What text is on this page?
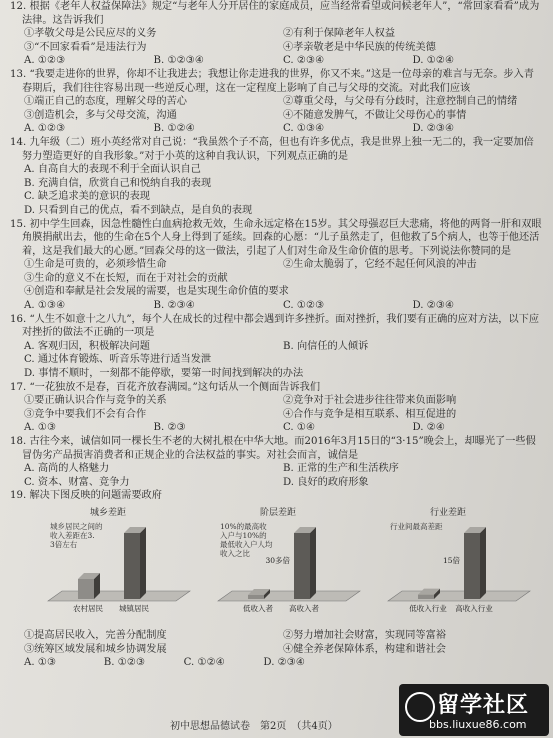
12. 根据《老年人权益保障法》规定“与老年人分开居住的家庭成员，应当经常看望或问候老年人”，“常回家看看”成为法律。这告诉我们
①孝敬父母是公民应尽的义务	②有利于保障老年人权益
③“不回家看看”是违法行为	④孝亲敬老是中华民族的传统美德
A. ①②③	B. ①②③④	C. ②③④	D. ①②④
13. “我要走进你的世界，你却不让我进去；我想让你走进我的世界，你又不来。”这是一位母亲的难言与无奈。步入青春期后，我们往往容易出现一些逆反心理，这在一定程度上影响了自己与父母的交流。对此我们应该
①端正自己的态度，理解父母的苦心	②尊重父母，与父母有分歧时，注意控制自己的情绪
③创造机会，多与父母交流，沟通	④不随意发脾气，不做让父母伤心的事情
A. ①②③	B. ①②④	C. ①③④	D. ②③④
14. 九年级（二）班小英经常对自己说：“我虽然个子不高，但也有许多优点，我是世界上独一无二的，我一定要加倍努力塑造更好的自我形象。”对于小英的这种自我认识，下列观点正确的是
A. 自高自大的表现不利于全面认识自己
B. 充满自信，欣赏自己和悦纳自我的表现
C. 缺乏追求美的意识的表现
D. 只看到自己的优点，看不到缺点，是自负的表现
15. 初中学生回森，因急性髓性白血病抢救无效，生命永远定格在15岁。其父母强忍巨大悲痛，将他的两肾一肝和双眼角膜捐献出去，他的生命在5个人身上得到了延续。回森的心愿：“儿子虽然走了，但他救了5个病人，也等于他还活着，这是我们最大的心愿。”回森父母的这一做法，引起了人们对生命及生命价值的思考。下列说法你赞同的是
①生命是可贵的，必须珍惜生命	②生命太脆弱了，它经不起任何风浪的冲击
③生命的意义不在长短，而在于对社会的贡献
④创造和奉献是社会发展的需要，也是实现生命价值的要求
A. ①③④	B. ②③④	C. ①②③	D. ②③④
16. “人生不如意十之八九”，每个人在成长的过程中都会遇到许多挫折。面对挫折，我们要有正确的应对方法，以下应对挫折的做法不正确的一项是
A. 客观归因，积极解决问题	B. 向信任的人倾诉
C. 通过体育锻炼、听音乐等进行适当发泄
D. 事情不顺时，一刻都不能停歇，要第一时间找到解决的办法
17. “一花独放不是春，百花齐放春满园。”这句话从一个侧面告诉我们
①要正确认识合作与竞争的关系	②竞争对于社会进步往往带来负面影响
③竞争中要我们不会有合作	④合作与竞争是相互联系、相互促进的
A. ①③	B. ②③	C. ①④	D. ②④
18. 古往今来，诚信如同一棵长生不老的大树扎根在中华大地。而2016年3月15日的“3·15”晚会上，却曝光了一些假冒伪劣产品损害消费者和正规企业的合法权益的事实。对社会而言，诚信是
A. 高尚的人格魅力	B. 正常的生产和生活秩序
C. 资本、财富、竞争力	D. 良好的政府形象
19. 解决下图反映的问题需要政府
城乡差距
城乡居民之间的收入差距在3. 3倍左右
农村居民 城镇居民
阶层差距
10%的最高收入户与10%的最低收入户人均收入之比
低收入者 高收入者
30多倍
行业差距
行业间最高差距
低收入行业 高收入行业
15倍
①提高居民收入，完善分配制度	②努力增加社会财富，实现同等富裕
③统筹区域发展和城乡协调发展	④健全养老保障体系，构建和谐社会
A. ①③	B. ①②③	C. ①②④	D. ②③④
初中思想品德试卷　第2页　（共4页）
留学社区
bbs.liuxue86.com
